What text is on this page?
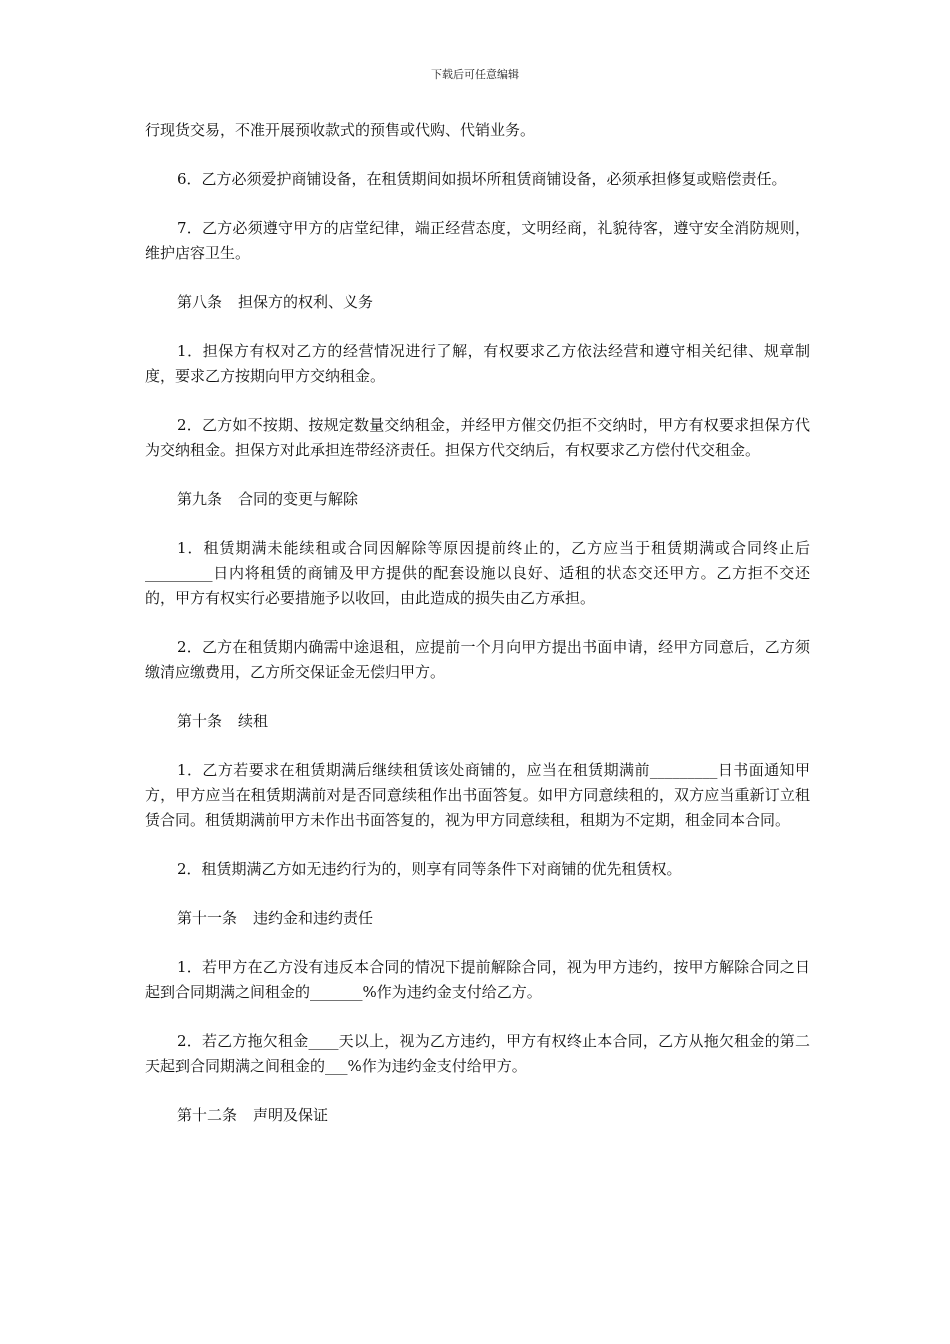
下载后可任意编辑

行现货交易，不准开展预收款式的预售或代购、代销业务。

6．乙方必须爱护商铺设备，在租赁期间如损坏所租赁商铺设备，必须承担修复或赔偿责任。

7．乙方必须遵守甲方的店堂纪律，端正经营态度，文明经商，礼貌待客，遵守安全消防规则，维护店容卫生。

第八条 担保方的权利、义务

1．担保方有权对乙方的经营情况进行了解，有权要求乙方依法经营和遵守相关纪律、规章制度，要求乙方按期向甲方交纳租金。

2．乙方如不按期、按规定数量交纳租金，并经甲方催交仍拒不交纳时，甲方有权要求担保方代为交纳租金。担保方对此承担连带经济责任。担保方代交纳后，有权要求乙方偿付代交租金。

第九条 合同的变更与解除

1．租赁期满未能续租或合同因解除等原因提前终止的，乙方应当于租赁期满或合同终止后_________日内将租赁的商铺及甲方提供的配套设施以良好、适租的状态交还甲方。乙方拒不交还的，甲方有权实行必要措施予以收回，由此造成的损失由乙方承担。

2．乙方在租赁期内确需中途退租，应提前一个月向甲方提出书面申请，经甲方同意后，乙方须缴清应缴费用，乙方所交保证金无偿归甲方。

第十条 续租

1．乙方若要求在租赁期满后继续租赁该处商铺的，应当在租赁期满前_________日书面通知甲方，甲方应当在租赁期满前对是否同意续租作出书面答复。如甲方同意续租的，双方应当重新订立租赁合同。租赁期满前甲方未作出书面答复的，视为甲方同意续租，租期为不定期，租金同本合同。

2．租赁期满乙方如无违约行为的，则享有同等条件下对商铺的优先租赁权。

第十一条 违约金和违约责任

1．若甲方在乙方没有违反本合同的情况下提前解除合同，视为甲方违约，按甲方解除合同之日起到合同期满之间租金的_______%作为违约金支付给乙方。

2．若乙方拖欠租金____天以上，视为乙方违约，甲方有权终止本合同，乙方从拖欠租金的第二天起到合同期满之间租金的___%作为违约金支付给甲方。

第十二条 声明及保证
